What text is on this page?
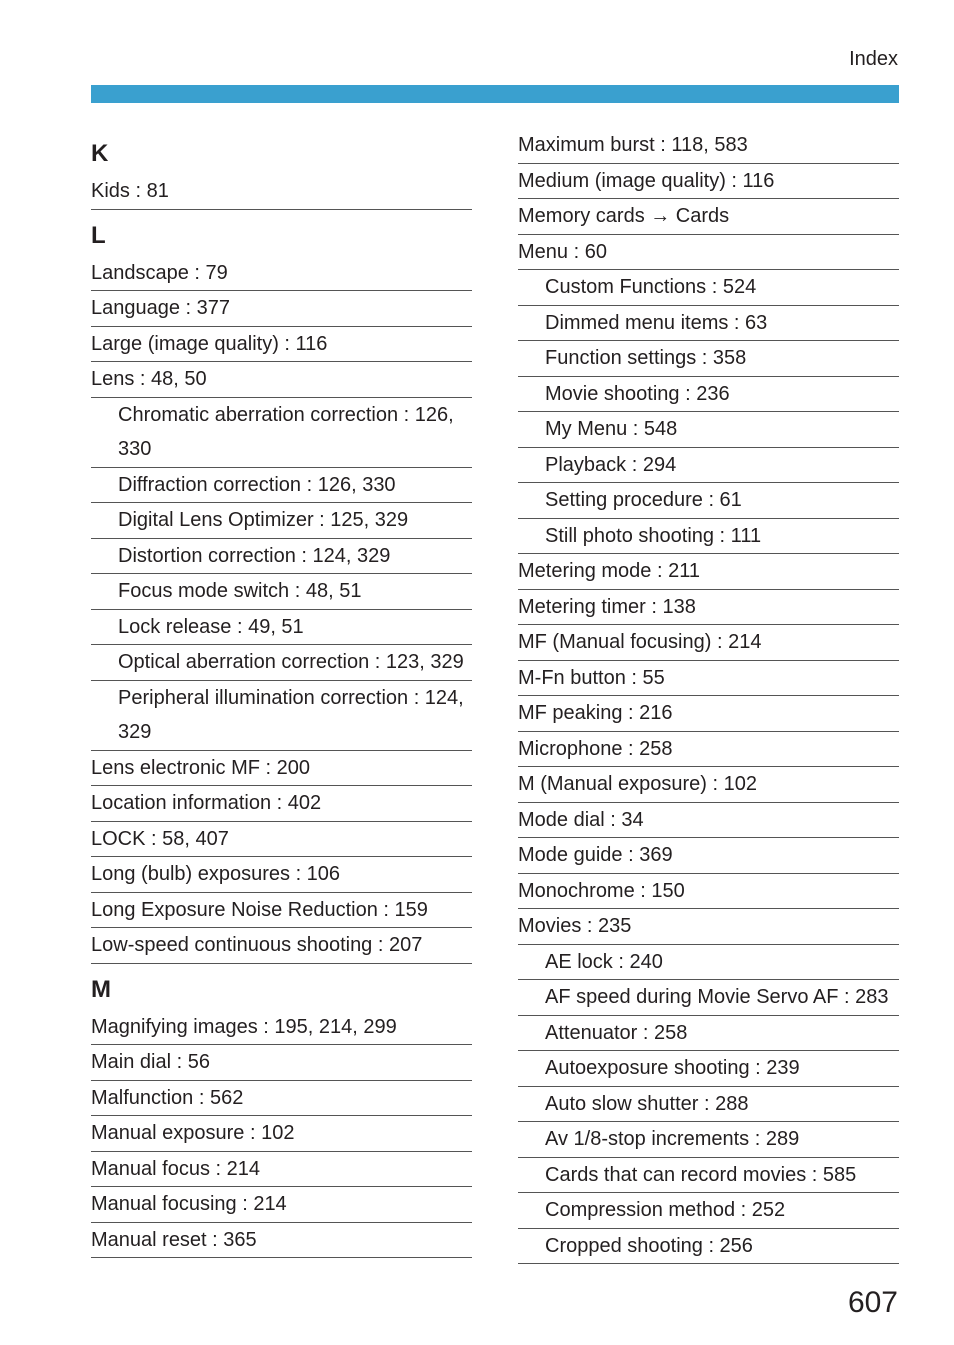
Index
K
Kids : 81
L
Landscape : 79
Language : 377
Large (image quality) : 116
Lens : 48, 50
Chromatic aberration correction : 126, 330
Diffraction correction : 126, 330
Digital Lens Optimizer : 125, 329
Distortion correction : 124, 329
Focus mode switch : 48, 51
Lock release : 49, 51
Optical aberration correction : 123, 329
Peripheral illumination correction : 124, 329
Lens electronic MF : 200
Location information : 402
LOCK : 58, 407
Long (bulb) exposures : 106
Long Exposure Noise Reduction : 159
Low-speed continuous shooting : 207
M
Magnifying images : 195, 214, 299
Main dial : 56
Malfunction : 562
Manual exposure : 102
Manual focus : 214
Manual focusing : 214
Manual reset : 365
Maximum burst : 118, 583
Medium (image quality) : 116
Memory cards → Cards
Menu : 60
Custom Functions : 524
Dimmed menu items : 63
Function settings : 358
Movie shooting : 236
My Menu : 548
Playback : 294
Setting procedure : 61
Still photo shooting : 111
Metering mode : 211
Metering timer : 138
MF (Manual focusing) : 214
M-Fn button : 55
MF peaking : 216
Microphone : 258
M (Manual exposure) : 102
Mode dial : 34
Mode guide : 369
Monochrome : 150
Movies : 235
AE lock : 240
AF speed during Movie Servo AF : 283
Attenuator : 258
Autoexposure shooting : 239
Auto slow shutter : 288
Av 1/8-stop increments : 289
Cards that can record movies : 585
Compression method : 252
Cropped shooting : 256
607
